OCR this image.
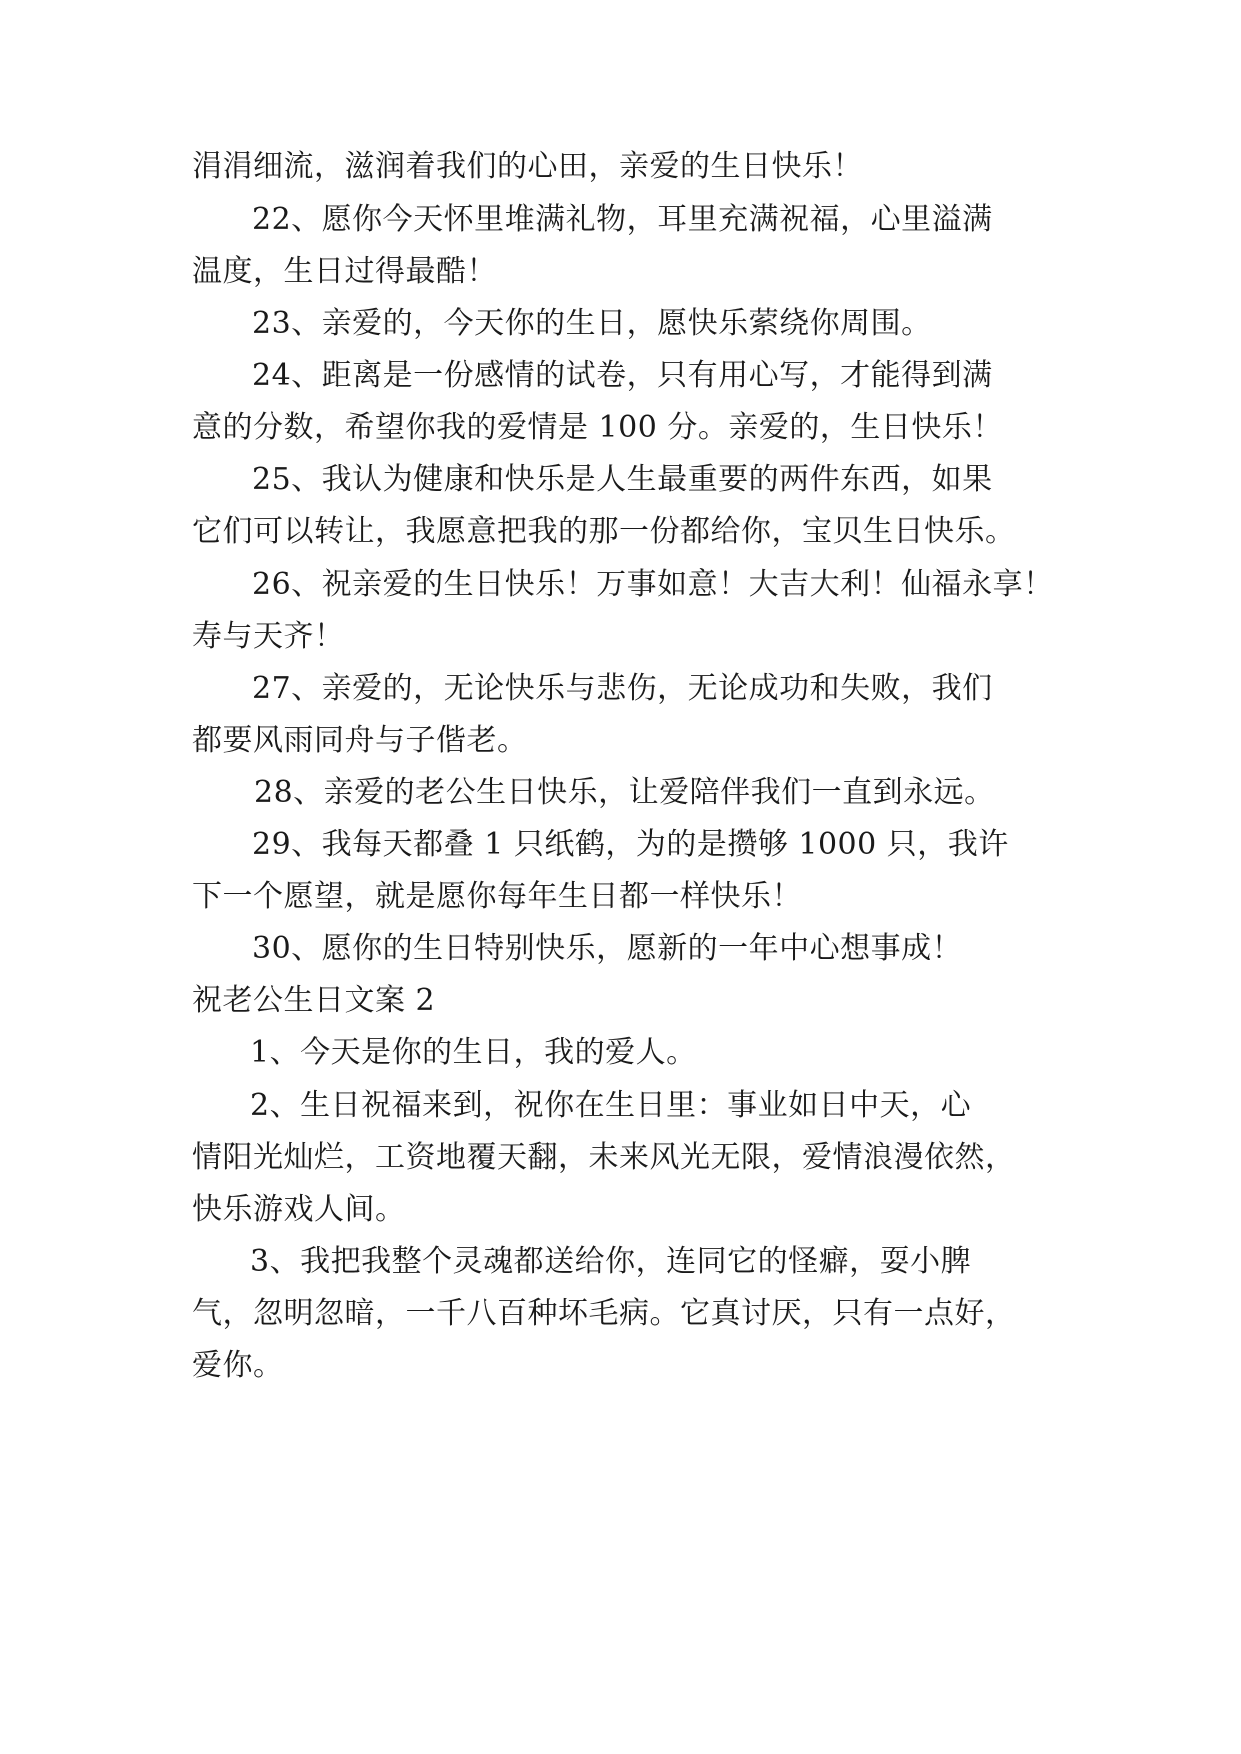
涓涓细流，滋润着我们的心田，亲爱的生日快乐！
22、愿你今天怀里堆满礼物，耳里充满祝福，心里溢满
温度，生日过得最酷！
23、亲爱的，今天你的生日，愿快乐萦绕你周围。
24、距离是一份感情的试卷，只有用心写，才能得到满
意的分数，希望你我的爱情是 100 分。亲爱的，生日快乐！
25、我认为健康和快乐是人生最重要的两件东西，如果
它们可以转让，我愿意把我的那一份都给你，宝贝生日快乐。
26、祝亲爱的生日快乐！万事如意！大吉大利！仙福永享！
寿与天齐！
27、亲爱的，无论快乐与悲伤，无论成功和失败，我们
都要风雨同舟与子偕老。
28、亲爱的老公生日快乐，让爱陪伴我们一直到永远。
29、我每天都叠 1 只纸鹤，为的是攒够 1000 只，我许
下一个愿望，就是愿你每年生日都一样快乐！
30、愿你的生日特别快乐，愿新的一年中心想事成！
祝老公生日文案 2
1、今天是你的生日，我的爱人。
2、生日祝福来到，祝你在生日里：事业如日中天，心
情阳光灿烂，工资地覆天翻，未来风光无限，爱情浪漫依然，
快乐游戏人间。
3、我把我整个灵魂都送给你，连同它的怪癖，耍小脾
气，忽明忽暗，一千八百种坏毛病。它真讨厌，只有一点好，
爱你。
